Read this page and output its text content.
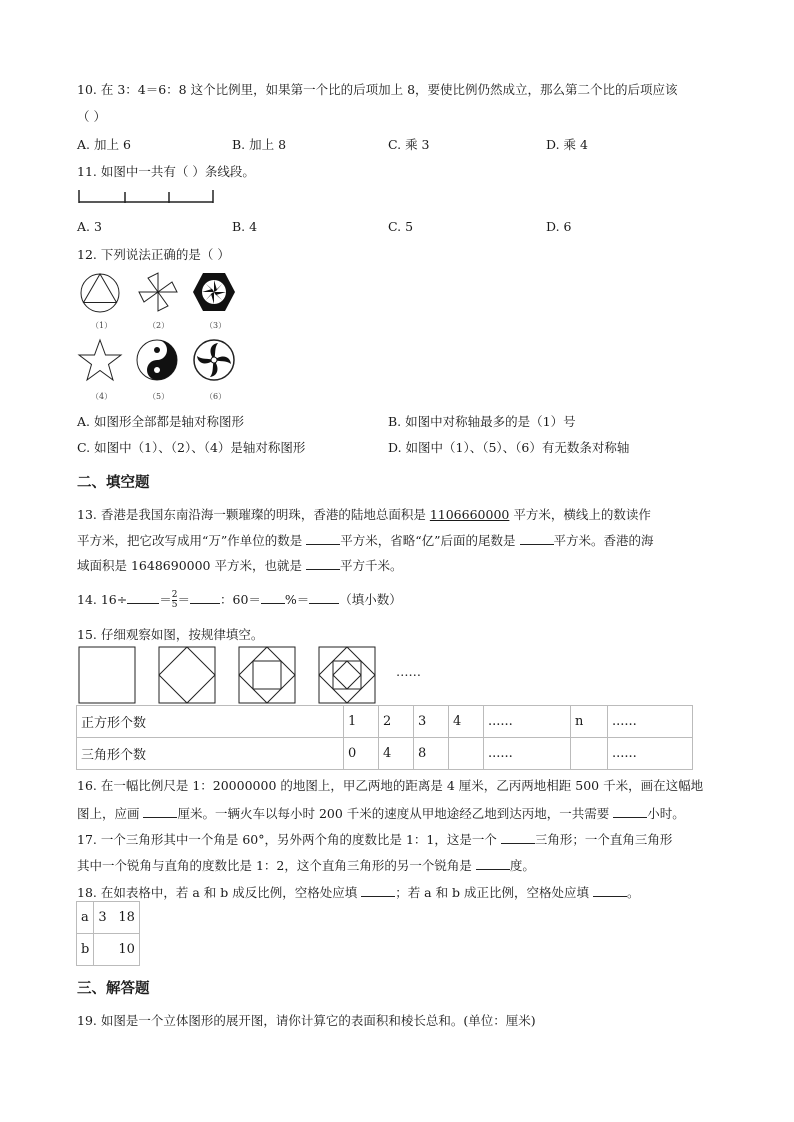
10. 在 3：4＝6：8 这个比例里，如果第一个比的后项加上 8，要使比例仍然成立，那么第二个比的后项应该
（ ）
A. 加上 6	B. 加上 8	C. 乘 3	D. 乘 4
11. 如图中一共有（ ）条线段。
A. 3	B. 4	C. 5	D. 6
12. 下列说法正确的是（ ）
（1）	（2）	（3）
（4）	（5）	（6）
A. 如图形全部都是轴对称图形	B. 如图中对称轴最多的是（1）号
C. 如图中（1）、（2）、（4）是轴对称图形	D. 如图中（1）、（5）、（6）有无数条对称轴
二、填空题
13. 香港是我国东南沿海一颗璀璨的明珠，香港的陆地总面积是 1106660000 平方米，横线上的数读作
平方米，把它改写成用“万”作单位的数是	平方米，省略“亿”后面的尾数是	平方米。香港的海
域面积是 1648690000 平方米，也就是	平方千米。
14. 16÷	＝ $\frac{2}{5}$ ＝ ：60＝ %＝ （填小数）
15. 仔细观察如图，按规律填空。
……
正方形个数	1	2	3	4	......	n	......
三角形个数	0	4	8		......		......
16. 在一幅比例尺是 1：20000000 的地图上，甲乙两地的距离是 4 厘米，乙丙两地相距 500 千米，画在这幅地
图上，应画	厘米。一辆火车以每小时 200 千米的速度从甲地途经乙地到达丙地，一共需要	小时。
17. 一个三角形其中一个角是 60°，另外两个角的度数比是 1：1，这是一个	三角形；一个直角三角形
其中一个锐角与直角的度数比是 1：2，这个直角三角形的另一个锐角是	度。
18. 在如表格中，若 a 和 b 成反比例，空格处应填	；若 a 和 b 成正比例，空格处应填	。
a	3	18
b		10
三、解答题
19. 如图是一个立体图形的展开图，请你计算它的表面积和棱长总和。(单位：厘米)
